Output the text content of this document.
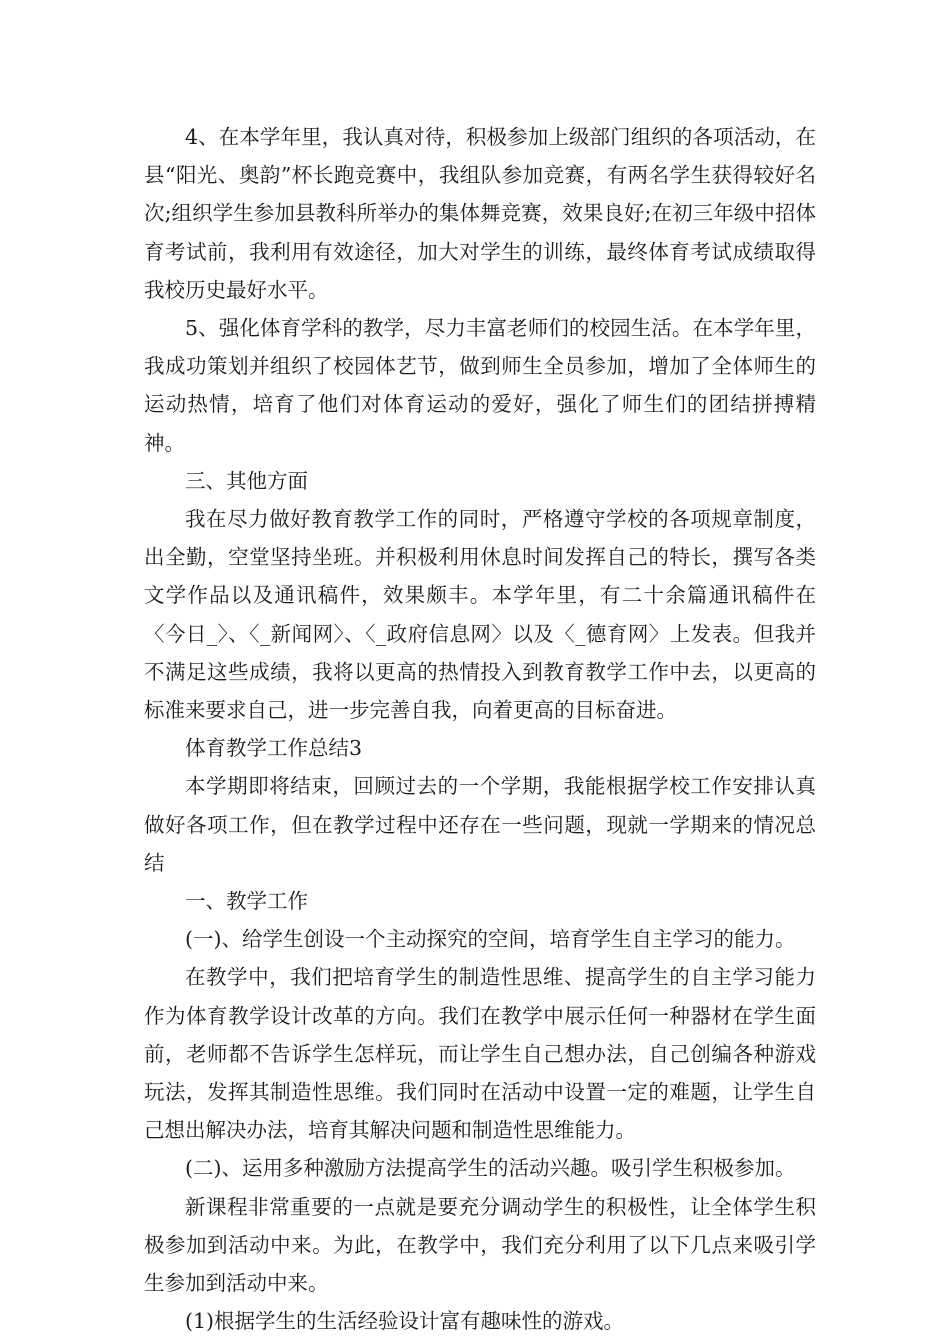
4、在本学年里，我认真对待，积极参加上级部门组织的各项活动，在县“阳光、奥韵”杯长跑竞赛中，我组队参加竞赛，有两名学生获得较好名次;组织学生参加县教科所举办的集体舞竞赛，效果良好;在初三年级中招体育考试前，我利用有效途径，加大对学生的训练，最终体育考试成绩取得我校历史最好水平。

5、强化体育学科的教学，尽力丰富老师们的校园生活。在本学年里，我成功策划并组织了校园体艺节，做到师生全员参加，增加了全体师生的运动热情，培育了他们对体育运动的爱好，强化了师生们的团结拼搏精神。

三、其他方面

我在尽力做好教育教学工作的同时，严格遵守学校的各项规章制度，出全勤，空堂坚持坐班。并积极利用休息时间发挥自己的特长，撰写各类文学作品以及通讯稿件，效果颇丰。本学年里，有二十余篇通讯稿件在〈今日_〉、〈_新闻网〉、〈_政府信息网〉以及〈_德育网〉上发表。但我并不满足这些成绩，我将以更高的热情投入到教育教学工作中去，以更高的标准来要求自己，进一步完善自我，向着更高的目标奋进。

体育教学工作总结3

本学期即将结束，回顾过去的一个学期，我能根据学校工作安排认真做好各项工作，但在教学过程中还存在一些问题，现就一学期来的情况总结

一、教学工作

(一)、给学生创设一个主动探究的空间，培育学生自主学习的能力。

在教学中，我们把培育学生的制造性思维、提高学生的自主学习能力作为体育教学设计改革的方向。我们在教学中展示任何一种器材在学生面前，老师都不告诉学生怎样玩，而让学生自己想办法，自己创编各种游戏玩法，发挥其制造性思维。我们同时在活动中设置一定的难题，让学生自己想出解决办法，培育其解决问题和制造性思维能力。

(二)、运用多种激励方法提高学生的活动兴趣。吸引学生积极参加。

新课程非常重要的一点就是要充分调动学生的积极性，让全体学生积极参加到活动中来。为此，在教学中，我们充分利用了以下几点来吸引学生参加到活动中来。

(1)根据学生的生活经验设计富有趣味性的游戏。
